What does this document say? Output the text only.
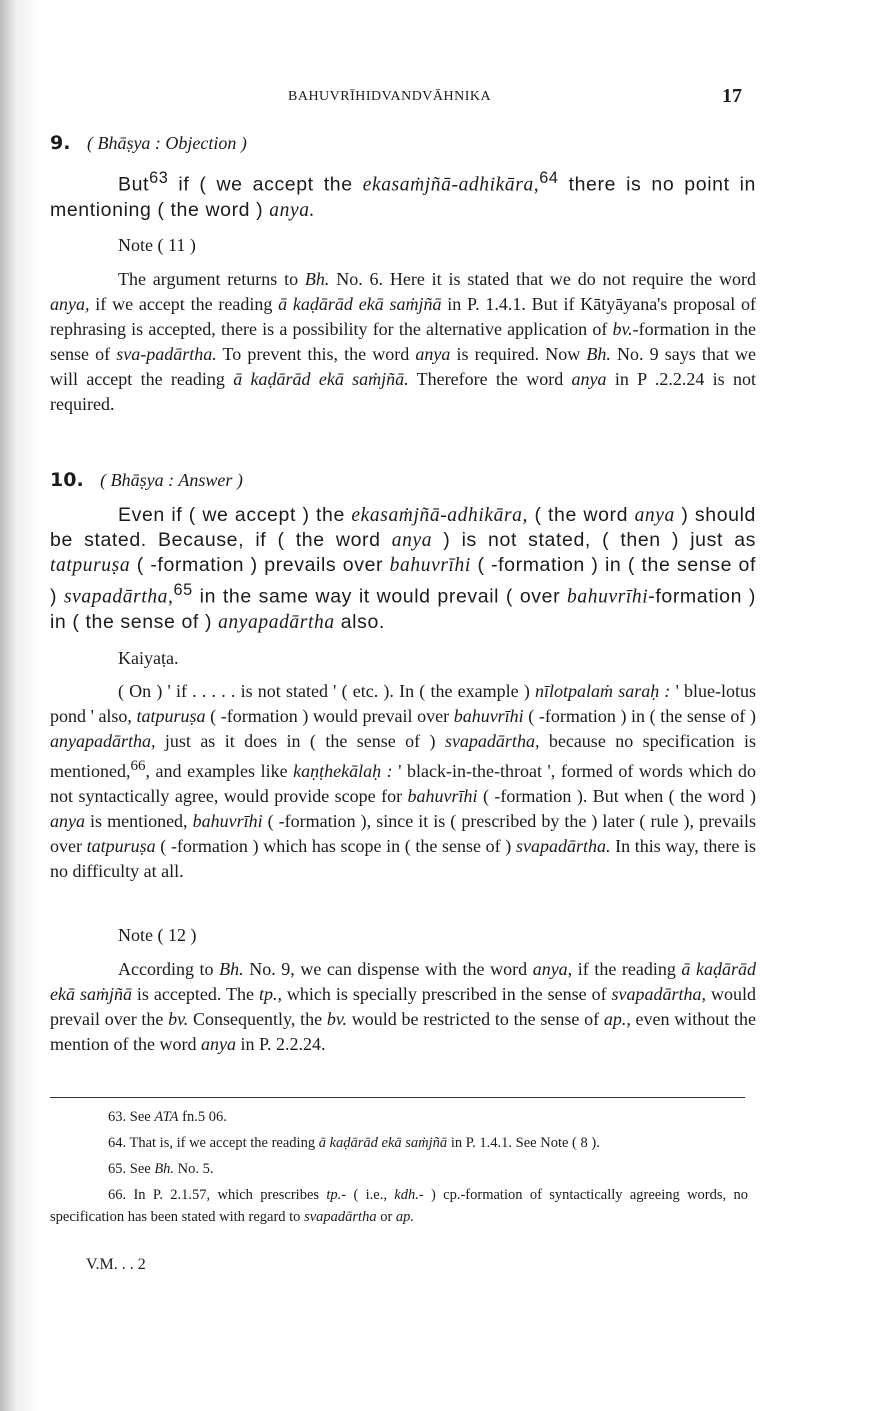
BAHUVRĪHIDVANDVĀHNIKA	17
9. ( Bhāṣya : Objection )

But$^{63}$ if ( we accept the ekasaṁjñā-adhikāra,$^{64}$ there is no point in mentioning ( the word ) anya.

Note ( 11 )

The argument returns to Bh. No. 6. Here it is stated that we do not require the word anya, if we accept the reading ā kaḍārād ekā saṁjñā in P. 1.4.1. But if Kātyāyana's proposal of rephrasing is accepted, there is a possibility for the alternative application of bv.-formation in the sense of sva-padārtha. To prevent this, the word anya is required. Now Bh. No. 9 says that we will accept the reading ā kaḍārād ekā saṁjñā. Therefore the word anya in P .2.2.24 is not required.

10. ( Bhāṣya : Answer )

Even if ( we accept ) the ekasaṁjñā-adhikāra, ( the word anya ) should be stated. Because, if ( the word anya ) is not stated, ( then ) just as tatpuruṣa ( -formation ) prevails over bahuvrīhi ( -formation ) in ( the sense of ) svapadārtha,$^{65}$ in the same way it would prevail ( over bahuvrīhi-formation ) in ( the sense of ) anyapadārtha also.

Kaiyaṭa.

( On ) ' if . . . . . is not stated ' ( etc. ). In ( the example ) nīlotpalaṁ saraḥ : ' blue-lotus pond ' also, tatpuruṣa ( -formation ) would prevail over bahuvrīhi ( -formation ) in ( the sense of ) anyapadārtha, just as it does in ( the sense of ) svapadārtha, because no specification is mentioned,$^{66}$, and examples like kaṇṭhekālaḥ : ' black-in-the-throat ', formed of words which do not syntactically agree, would provide scope for bahuvrīhi ( -formation ). But when ( the word ) anya is mentioned, bahuvrīhi ( -formation ), since it is ( prescribed by the ) later ( rule ), prevails over tatpuruṣa ( -formation ) which has scope in ( the sense of ) svapadārtha. In this way, there is no difficulty at all.

Note ( 12 )

According to Bh. No. 9, we can dispense with the word anya, if the reading ā kaḍārād ekā saṁjñā is accepted. The tp., which is specially prescribed in the sense of svapadārtha, would prevail over the bv. Consequently, the bv. would be restricted to the sense of ap., even without the mention of the word anya in P. 2.2.24.

63. See ATA fn.5 06.

64. That is, if we accept the reading ā kaḍārād ekā saṁjñā in P. 1.4.1. See Note ( 8 ).

65. See Bh. No. 5.

66. In P. 2.1.57, which prescribes tp.- ( i.e., kdh.- ) cp.-formation of syntactically agreeing words, no specification has been stated with regard to svapadārtha or ap.

V.M. . . 2
